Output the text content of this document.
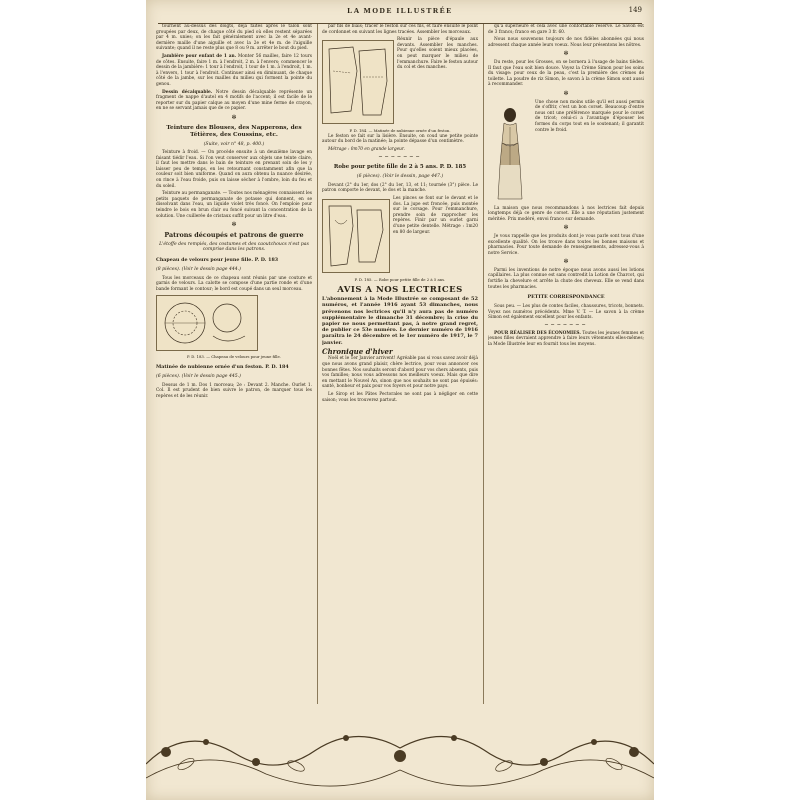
LA MODE ILLUSTRÉE	149

tournent au-dessus des doigts, déjà faites après le talon sont groupées par deux, de chaque côté du pied où elles restent séparées par 4 m. unies; on les fait généralement avec la 2e et 4e avant-dernière maille d'une aiguille et avec la 2e et 4e m. de l'aiguille suivante; quand il ne reste plus que 8 ou 9 m. arrêter le bout du pied.

Jambière pour enfant de 1 an. Monter 56 mailles, faire 12 tours de côtes. Ensuite, faire 1 m. à l'endroit, 2 m. à l'envers; commencer le dessin de la jambière: 1 tour à l'endroit, 1 tour de 1 m. à l'endroit, 1 m. à l'envers, 1 tour à l'endroit. Continuer ainsi en diminuant, de chaque côté de la jambe, sur les mailles du milieu qui forment la pointe du genou.

Dessin décalquable. Notre dessin décalquable représente un fragment de nappe d'autel en 4 motifs de l'accent; il est facile de le reporter sur du papier calque au moyen d'une mine ferme de crayon, en ne se servant jamais que de ce papier.

✻
Teinture des Blouses, des Napperons, des Tétières, des Coussins, etc.
(Suite, voir n° 48, p. 400.)

Teinture à froid. — On procède ensuite à un deuxième lavage en faisant tiédir l'eau. Si l'on veut conserver aux objets une teinte claire, il faut les mettre dans le bain de teinture en prenant soin de les y laisser peu de temps, en les retournant constamment afin que la couleur soit bien uniforme. Quand on aura obtenu la nuance désirée, on rince à l'eau froide, puis on laisse sécher à l'ombre, loin du feu et du soleil.

Teinture au permanganate. — Toutes nos ménagères connaissent les petits paquets de permanganate de potasse qui donnent, en se dissolvant dans l'eau, un liquide violet très foncé. On l'emploie pour teindre le bois en brun clair ou foncé suivant la concentration de la solution. Une cuillerée de cristaux suffit pour un litre d'eau.

✻
Patrons découpés et patrons de guerre
L'étoffe des rempiés, des costumes et des caoutchoucs n'est pas comprise dans les patrons.
Chapeau de velours pour jeune fille. P. D. 183
(8 pièces). (Voir le dessin page 444.)

Tous les morceaux de ce chapeau sont réunis par une couture et garnis de velours. La calotte se compose d'une partie ronde et d'une bande formant le contour; le bord est coupé dans un seul morceau.

P. D. 183. — Chapeau de velours pour jeune fille.
Matinée de nubienne ornée d'un feston. P. D. 184
(6 pièces). (Voir le dessin page 445.)

Dessus de 1 m. Dos 1 morceau; 2e : Devant 2. Manche. Ourlet 1. Col. Il est prudent de bien suivre le patron, de marquer tous les repères et de les réunir.

par fils de biais; tracer le feston sur ces fils, et faire ensuite le point de cordonnet en suivant les lignes tracées. Assembler les morceaux.

Réunir la pièce d'épaule aux devants. Assembler les manches. Pour qu'elles soient mieux placées, on peut marquer le milieu de l'emmanchure. Faire le feston autour du col et des manches.

P. D. 184. — Matinée de nubienne ornée d'un feston.

Le feston se fait sur la lisière. Ensuite, on coud une petite pointe autour du bord de la matinée; la pointe dépasse d'un centimètre.

Métrage : 0m70 en grande largeur.

~~~~~~~
Robe pour petite fille de 2 à 5 ans. P. D. 185
(6 pièces). (Voir le dessin, page 447.)

Devant (2° du 1er, dos (2° du 1er, 13, et 11; tournée (3°) pièce. Le patron comporte le devant, le dos et la manche.

Les pinces se font sur le devant et le dos. La jupe est froncée, puis montée sur le corsage. Pour l'emmanchure, prendre soin de rapprocher les repères. Finir par un ourlet garni d'une petite dentelle. Métrage : 1m20 en 80 de largeur.

P. D. 185. — Robe pour petite fille de 2 à 5 ans.
AVIS A NOS LECTRICES
L'abonnement à la Mode Illustrée se composant de 52 numéros, et l'année 1916 ayant 53 dimanches, nous prévenons nos lectrices qu'il n'y aura pas de numéro supplémentaire le dimanche 31 décembre; la crise du papier ne nous permettant pas, à notre grand regret, de publier ce 53e numéro. Le dernier numéro de 1916 paraîtra le 24 décembre et le 1er numéro de 1917, le 7 janvier.
Chronique d'hiver

Noël et le 1er Janvier arrivent! Agréable pas si vous savez avoir déjà que nous avons grand plaisir, chère lectrice, pour vous annoncer ces bonnes fêtes. Nos souhaits seront d'abord pour vos chers absents, puis vos familles; nous vous adressons nos meilleurs voeux. Mais que dire en mettant le Nouvel An, sinon que nos souhaits ne sont pas épuisés: santé, bonheur et paix pour vos foyers et pour notre pays.

Le Sirop et les Pâtes Pectorales ne sont pas à négliger en cette saison; vous les trouverez partout.

qu'à supérieure et cela avec une confortable réserve. Le Savon est de 3 francs; franco en gare 3 fr. 60.

Nous nous souvenons toujours de nos fidèles abonnées qui nous adressent chaque année leurs voeux. Nous leur présentons les nôtres.

✻

Du reste, pour les Grosses, on se bornera à l'usage de bains tièdes. Il faut que l'eau soit bien douce. Voyez la Crème Simon pour les soins du visage: pour ceux de la peau, c'est la première des crèmes de toilette. La poudre de riz Simon, le savon à la crème Simon sont aussi à recommander.

✻

Une chose non moins utile qu'il est aussi permis de s'offrir, c'est un bon corset. Beaucoup d'entre nous ont une préférence marquée pour le corset de tricot; celui-ci a l'avantage d'épouser les formes du corps tout en le soutenant; il garantit contre le froid.

La maison que nous recommandons à nos lectrices fait depuis longtemps déjà ce genre de corset. Elle a une réputation justement méritée. Prix modéré, envoi franco sur demande.

✻

Je vous rappelle que les produits dont je vous parle sont tous d'une excellente qualité. On les trouve dans toutes les bonnes maisons et pharmacies. Pour toute demande de renseignements, adressez-vous à notre Service.

✻

Parmi les inventions de notre époque nous avons aussi les lotions capillaires. La plus connue est sans contredit la Lotion de Charcot, qui fortifie la chevelure et arrête la chute des cheveux. Elle se vend dans toutes les pharmacies.

PETITE CORRESPONDANCE

Sous peu. — Les plus de contes faciles, chaussures, tricots, bonnets. Voyez nos numéros précédents. Mme V. T. — Le savon à la crème Simon est également excellent pour les enfants.

~~~~~~~

POUR RÉALISER DES ÉCONOMIES. Toutes les jeunes femmes et jeunes filles devraient apprendre à faire leurs vêtements elles-mêmes; la Mode Illustrée leur en fournit tous les moyens.
